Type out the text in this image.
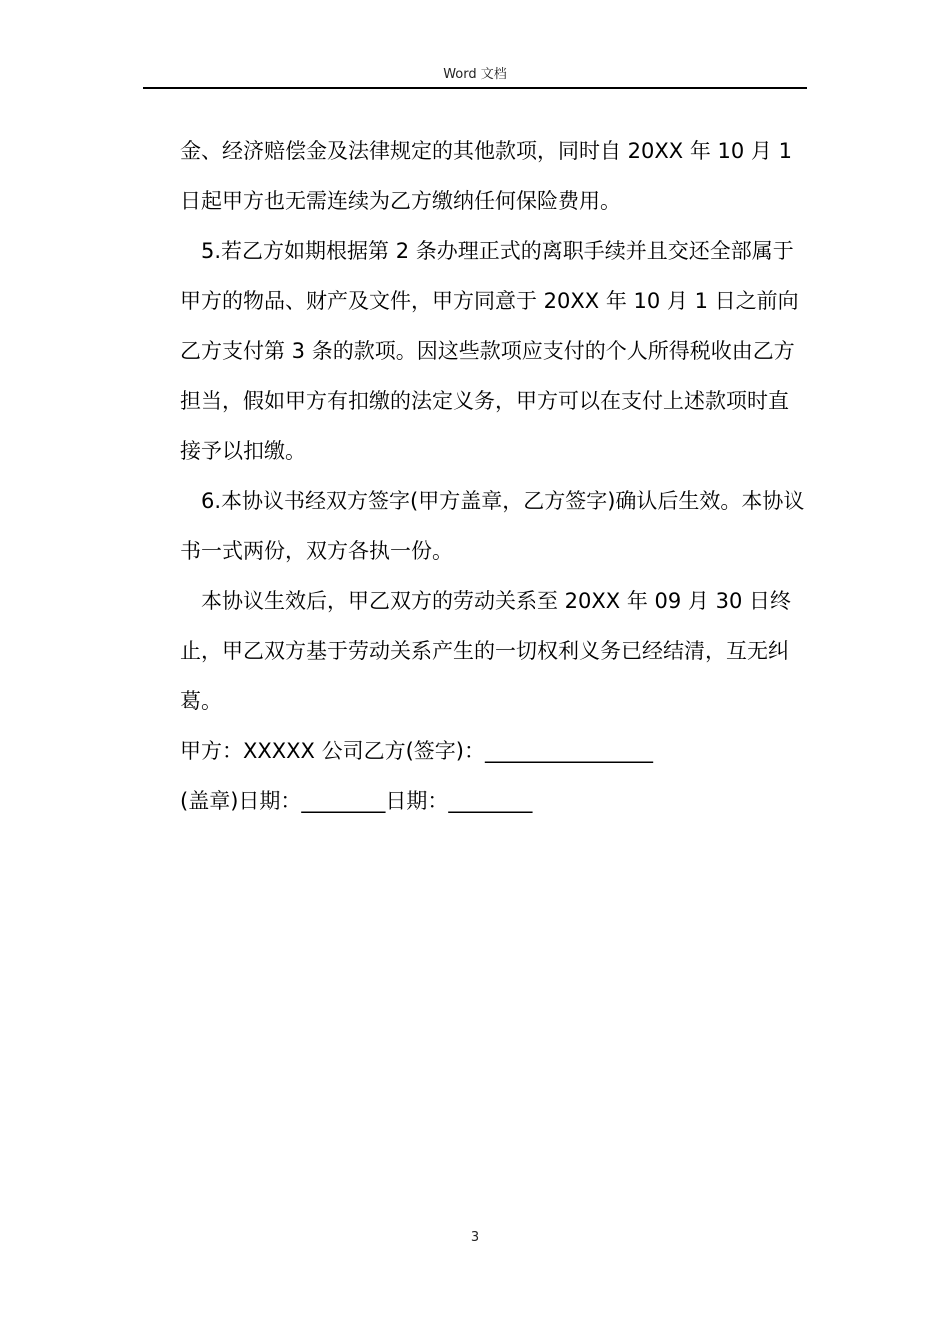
Word 文档

金、经济赔偿金及法律规定的其他款项，同时自 20XX 年 10 月 1 日起甲方也无需连续为乙方缴纳任何保险费用。

5.若乙方如期根据第 2 条办理正式的离职手续并且交还全部属于甲方的物品、财产及文件，甲方同意于 20XX 年 10 月 1 日之前向乙方支付第 3 条的款项。因这些款项应支付的个人所得税收由乙方担当，假如甲方有扣缴的法定义务，甲方可以在支付上述款项时直接予以扣缴。

6.本协议书经双方签字(甲方盖章，乙方签字)确认后生效。本协议书一式两份，双方各执一份。

本协议生效后，甲乙双方的劳动关系至 20XX 年 09 月 30 日终止，甲乙双方基于劳动关系产生的一切权利义务已经结清，互无纠葛。

甲方：XXXXX 公司乙方(签字)：________________

(盖章)日期：________日期：________

3
